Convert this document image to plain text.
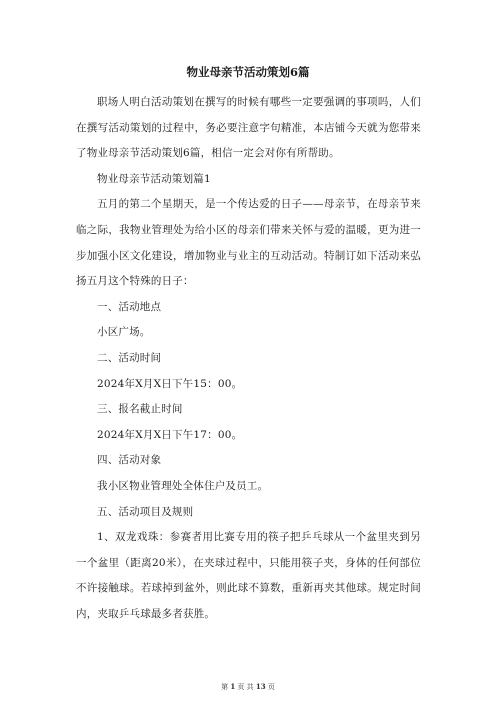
物业母亲节活动策划6篇

职场人明白活动策划在撰写的时候有哪些一定要强调的事项吗，人们在撰写活动策划的过程中，务必要注意字句精准，本店铺今天就为您带来了物业母亲节活动策划6篇，相信一定会对你有所帮助。

物业母亲节活动策划篇1

五月的第二个星期天，是一个传达爱的日子——母亲节，在母亲节来临之际，我物业管理处为给小区的母亲们带来关怀与爱的温暖，更为进一步加强小区文化建设，增加物业与业主的互动活动。特制订如下活动来弘扬五月这个特殊的日子：

一、活动地点

小区广场。

二、活动时间

2024年X月X日下午15：00。

三、报名截止时间

2024年X月X日下午17：00。

四、活动对象

我小区物业管理处全体住户及员工。

五、活动项目及规则

1、双龙戏珠：参赛者用比赛专用的筷子把乒乓球从一个盆里夹到另一个盆里（距离20米），在夹球过程中，只能用筷子夹，身体的任何部位不许接触球。若球掉到盆外，则此球不算数，重新再夹其他球。规定时间内，夹取乒乓球最多者获胜。

第 1 页 共 13 页
